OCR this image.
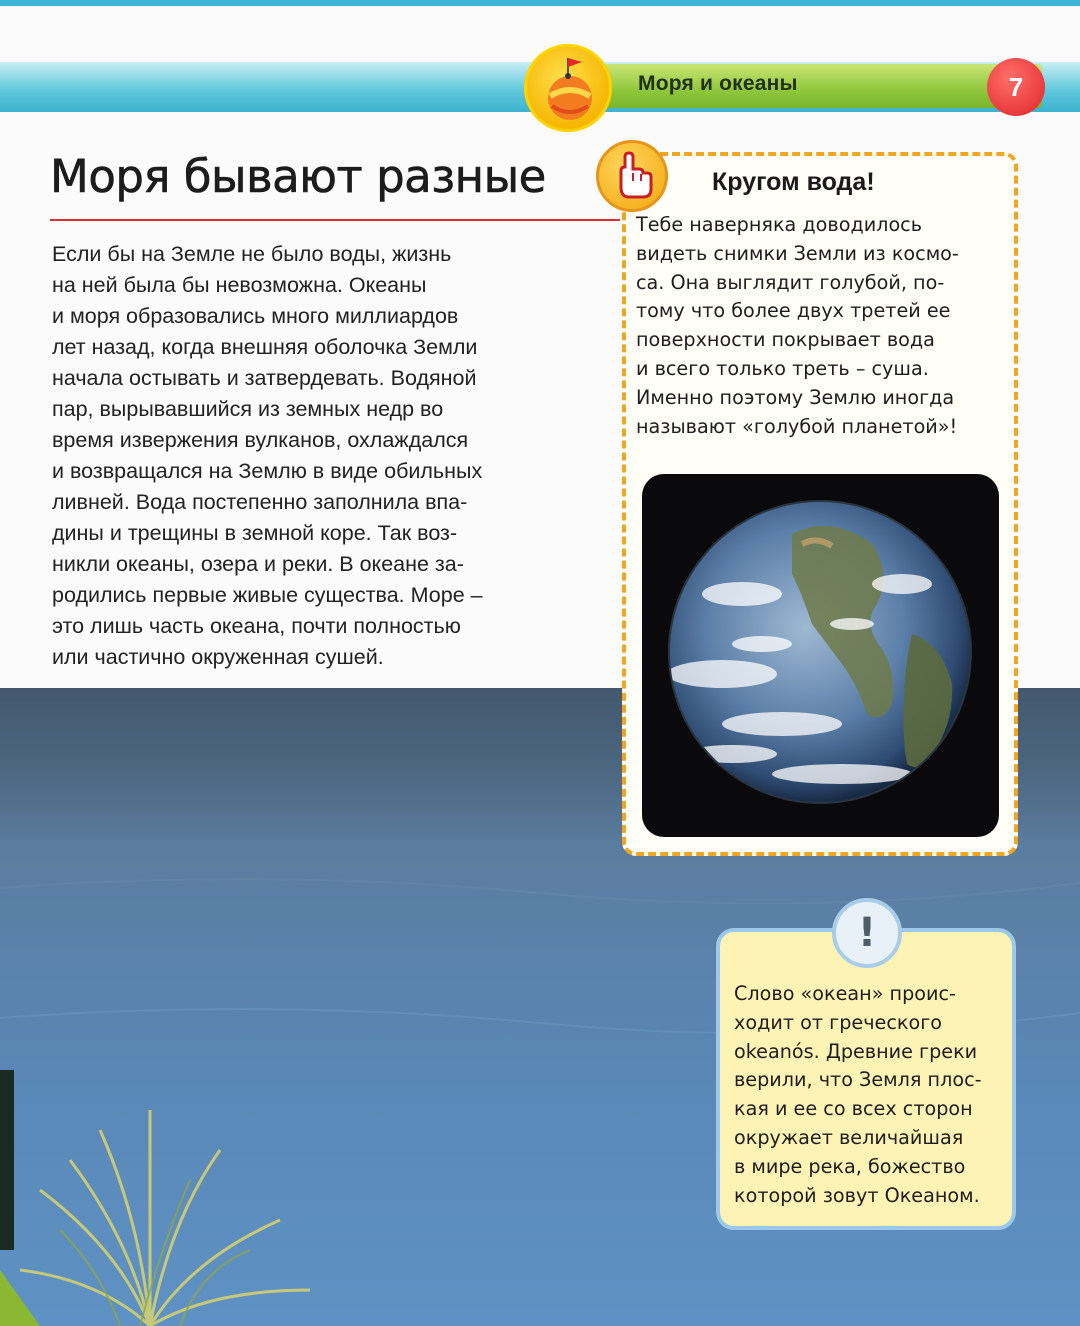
Моря и океаны	7
Моря бывают разные
Если бы на Земле не было воды, жизнь
на ней была бы невозможна. Океаны
и моря образовались много миллиардов
лет назад, когда внешняя оболочка Земли
начала остывать и затвердевать. Водяной
пар, вырывавшийся из земных недр во
время извержения вулканов, охлаждался
и возвращался на Землю в виде обильных
ливней. Вода постепенно заполнила впа-
дины и трещины в земной коре. Так воз-
никли океаны, озера и реки. В океане за-
родились первые живые существа. Море –
это лишь часть океана, почти полностью
или частично окруженная сушей.
Кругом вода!
Тебе наверняка доводилось
видеть снимки Земли из космо-
са. Она выглядит голубой, по-
тому что более двух третей ее
поверхности покрывает вода
и всего только треть – суша.
Именно поэтому Землю иногда
называют «голубой планетой»!
!
Слово «океан» проис-
ходит от греческого
okeanós. Древние греки
верили, что Земля плос-
кая и ее со всех сторон
окружает величайшая
в мире река, божество
которой зовут Океаном.
